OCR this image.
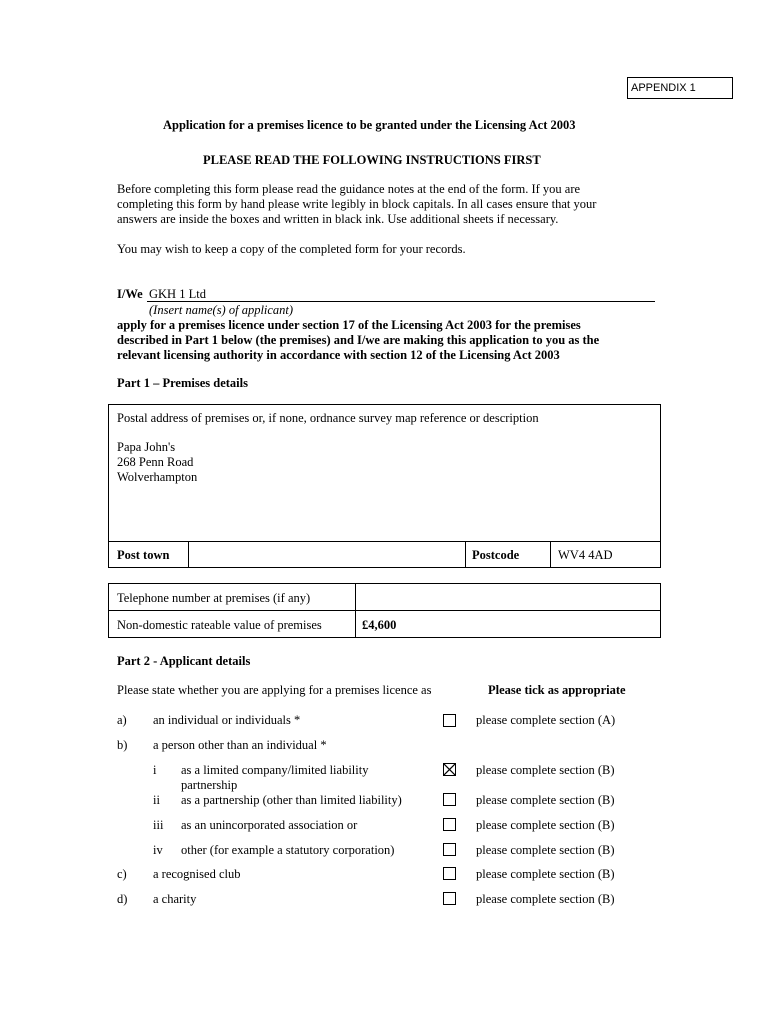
APPENDIX 1
Application for a premises licence to be granted under the Licensing Act 2003
PLEASE READ THE FOLLOWING INSTRUCTIONS FIRST
Before completing this form please read the guidance notes at the end of the form. If you are
completing this form by hand please write legibly in block capitals. In all cases ensure that your
answers are inside the boxes and written in black ink. Use additional sheets if necessary.
You may wish to keep a copy of the completed form for your records.
I/We GKH 1 Ltd
(Insert name(s) of applicant)
apply for a premises licence under section 17 of the Licensing Act 2003 for the premises
described in Part 1 below (the premises) and I/we are making this application to you as the
relevant licensing authority in accordance with section 12 of the Licensing Act 2003
Part 1 – Premises details
Postal address of premises or, if none, ordnance survey map reference or description
Papa John's
268 Penn Road
Wolverhampton
Post town	Postcode	WV4 4AD
Telephone number at premises (if any)
Non-domestic rateable value of premises	£4,600
Part 2 - Applicant details
Please state whether you are applying for a premises licence as	Please tick as appropriate
a) an individual or individuals *	please complete section (A)
b) a person other than an individual *
i as a limited company/limited liability
partnership
please complete section (B)
ii as a partnership (other than limited liability)	please complete section (B)
iii as an unincorporated association or	please complete section (B)
iv other (for example a statutory corporation)	please complete section (B)
c) a recognised club	please complete section (B)
d) a charity	please complete section (B)
